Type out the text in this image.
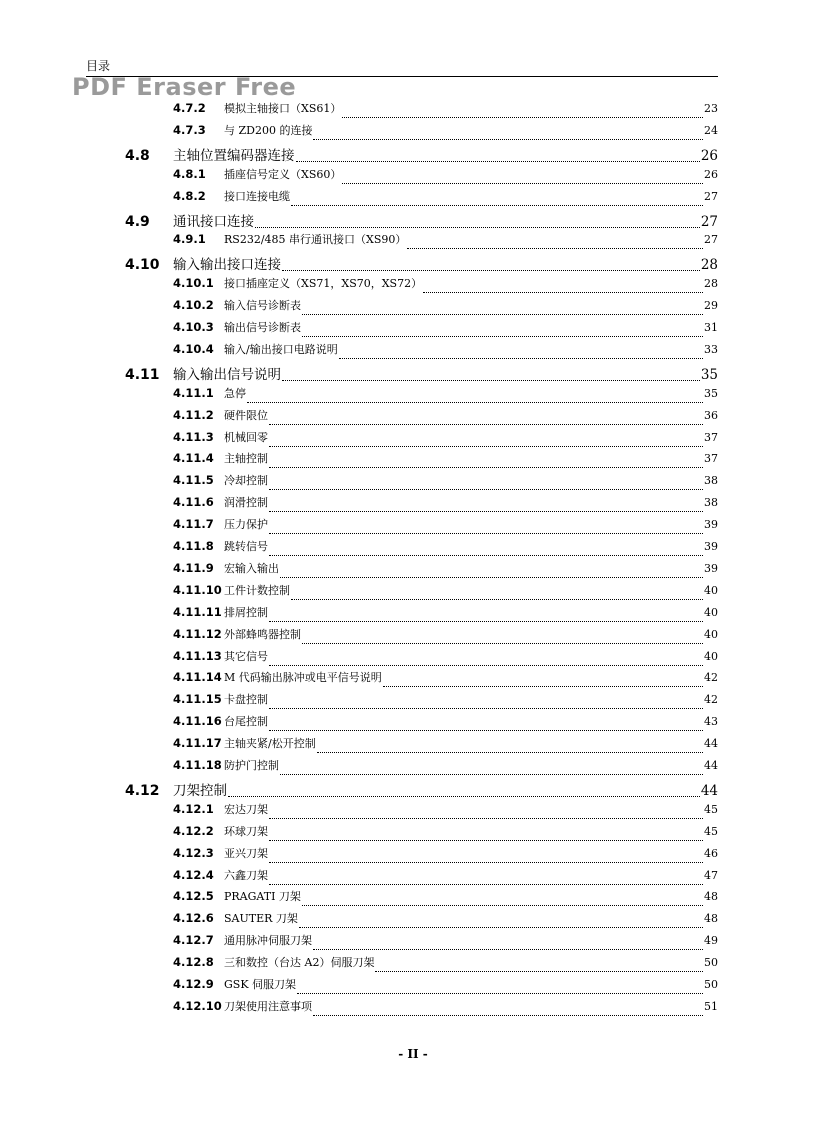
目录
PDF Eraser Free
4.7.2	模拟主轴接口（XS61）	23
4.7.3	与 ZD200 的连接	24
4.8	主轴位置编码器连接	26
4.8.1	插座信号定义（XS60）	26
4.8.2	接口连接电缆	27
4.9	通讯接口连接	27
4.9.1	RS232/485 串行通讯接口（XS90）	27
4.10 输入输出接口连接	28
4.10.1 接口插座定义（XS71，XS70，XS72）	28
4.10.2 输入信号诊断表	29
4.10.3 输出信号诊断表	31
4.10.4 输入/输出接口电路说明	33
4.11 输入输出信号说明	35
4.11.1 急停	35
4.11.2 硬件限位	36
4.11.3 机械回零	37
4.11.4 主轴控制	37
4.11.5 冷却控制	38
4.11.6 润滑控制	38
4.11.7 压力保护	39
4.11.8 跳转信号	39
4.11.9 宏输入输出	39
4.11.10 工件计数控制	40
4.11.11 排屑控制	40
4.11.12 外部蜂鸣器控制	40
4.11.13 其它信号	40
4.11.14 M 代码输出脉冲或电平信号说明	42
4.11.15 卡盘控制	42
4.11.16 台尾控制	43
4.11.17 主轴夹紧/松开控制	44
4.11.18 防护门控制	44
4.12 刀架控制	44
4.12.1 宏达刀架	45
4.12.2 环球刀架	45
4.12.3 亚兴刀架	46
4.12.4 六鑫刀架	47
4.12.5 PRAGATI 刀架	48
4.12.6 SAUTER 刀架	48
4.12.7 通用脉冲伺服刀架	49
4.12.8 三和数控（台达 A2）伺服刀架	50
4.12.9 GSK 伺服刀架	50
4.12.10 刀架使用注意事项	51
- II -
